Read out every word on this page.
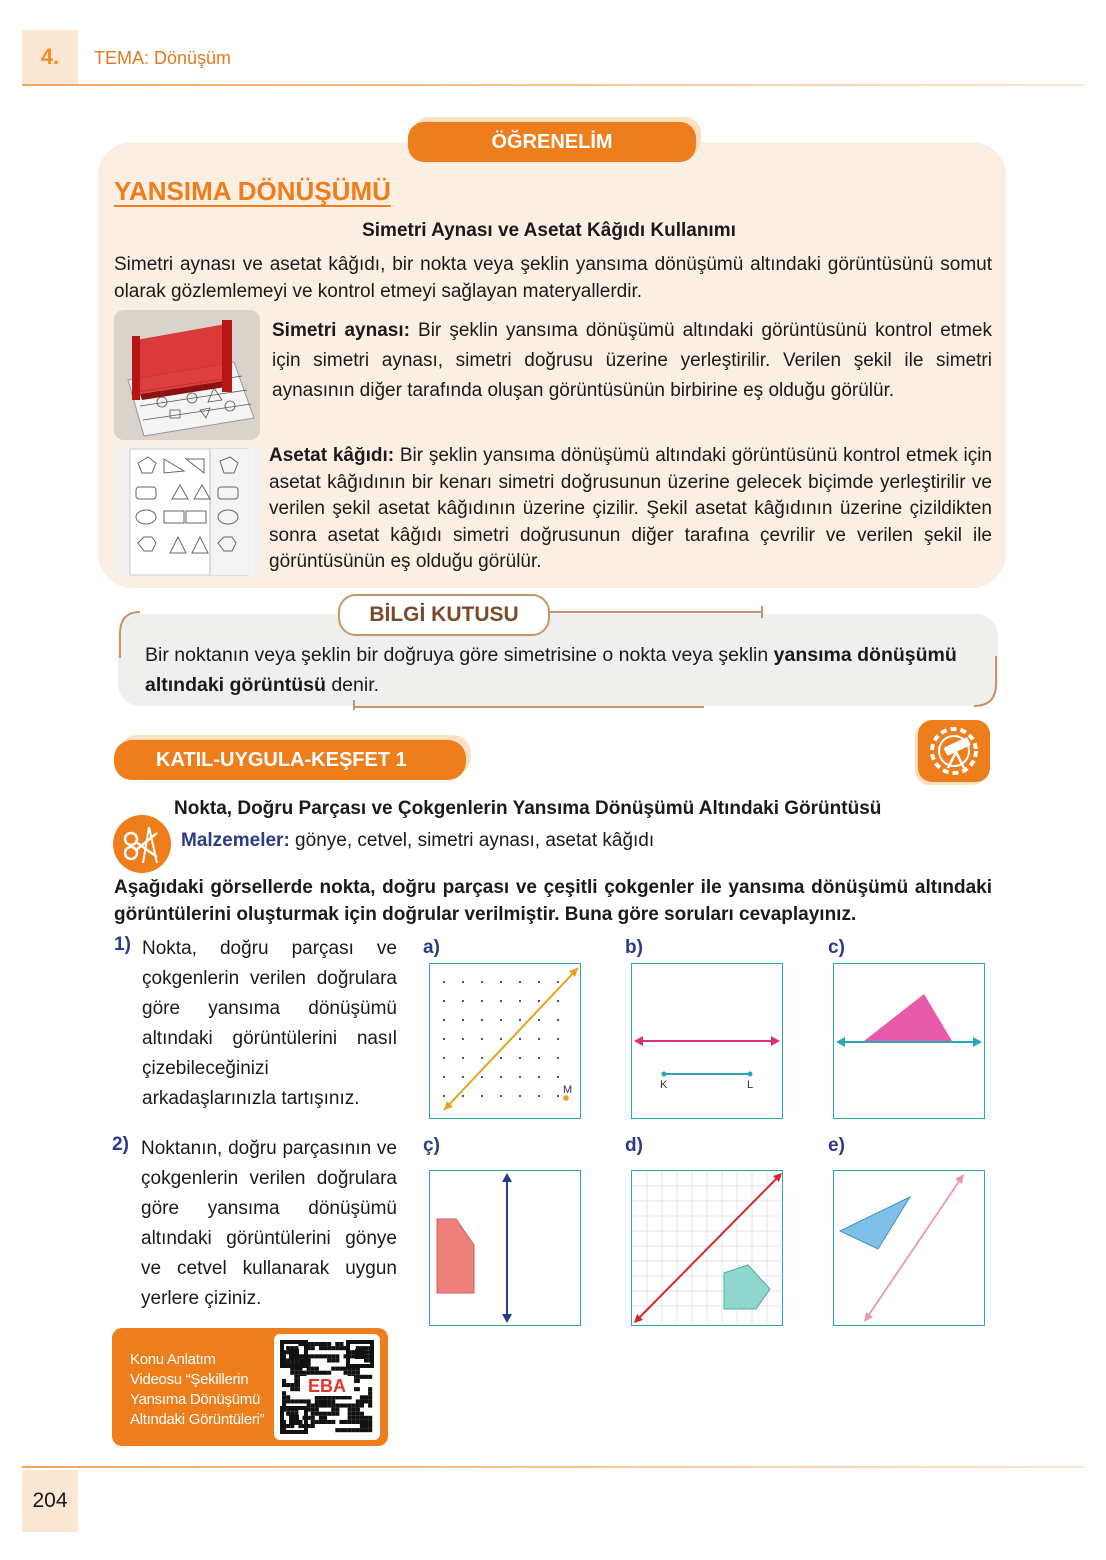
4.	TEMA: Dönüşüm
ÖĞRENELİM
YANSIMA DÖNÜŞÜMÜ
Simetri Aynası ve Asetat Kâğıdı Kullanımı
Simetri aynası ve asetat kâğıdı, bir nokta veya şeklin yansıma dönüşümü altındaki görüntüsünü somut olarak gözlemlemeyi ve kontrol etmeyi sağlayan materyallerdir.
Simetri aynası: Bir şeklin yansıma dönüşümü altındaki görüntüsünü kontrol etmek için simetri aynası, simetri doğrusu üzerine yerleştirilir. Verilen şekil ile simetri aynasının diğer tarafında oluşan görüntüsünün birbirine eş olduğu görülür.
Asetat kâğıdı: Bir şeklin yansıma dönüşümü altındaki görüntüsünü kontrol etmek için asetat kâğıdının bir kenarı simetri doğrusunun üzerine gelecek biçimde yerleştirilir ve verilen şekil asetat kâğıdının üzerine çizilir. Şekil asetat kâğıdının üzerine çizildikten sonra asetat kâğıdı simetri doğrusunun diğer tarafına çevrilir ve verilen şekil ile görüntüsünün eş olduğu görülür.
BİLGİ KUTUSU
Bir noktanın veya şeklin bir doğruya göre simetrisine o nokta veya şeklin yansıma dönüşümü altındaki görüntüsü denir.
KATIL-UYGULA-KEŞFET 1
Nokta, Doğru Parçası ve Çokgenlerin Yansıma Dönüşümü Altındaki Görüntüsü
Malzemeler: gönye, cetvel, simetri aynası, asetat kâğıdı
Aşağıdaki görsellerde nokta, doğru parçası ve çeşitli çokgenler ile yansıma dönüşümü altındaki görüntülerini oluşturmak için doğrular verilmiştir. Buna göre soruları cevaplayınız.
1) Nokta, doğru parçası ve çokgenlerin verilen doğrulara göre yansıma dönüşümü altındaki görüntülerini nasıl çizebileceğinizi arkadaşlarınızla tartışınız.
2) Noktanın, doğru parçasının ve çokgenlerin verilen doğrulara göre yansıma dönüşümü altındaki görüntülerini gönye ve cetvel kullanarak uygun yerlere çiziniz.
a)	b)	c)
ç)	d)	e)
M	K	L
Konu Anlatım Videosu “Şekillerin Yansıma Dönüşümü Altındaki Görüntüleri”
EBA
204
